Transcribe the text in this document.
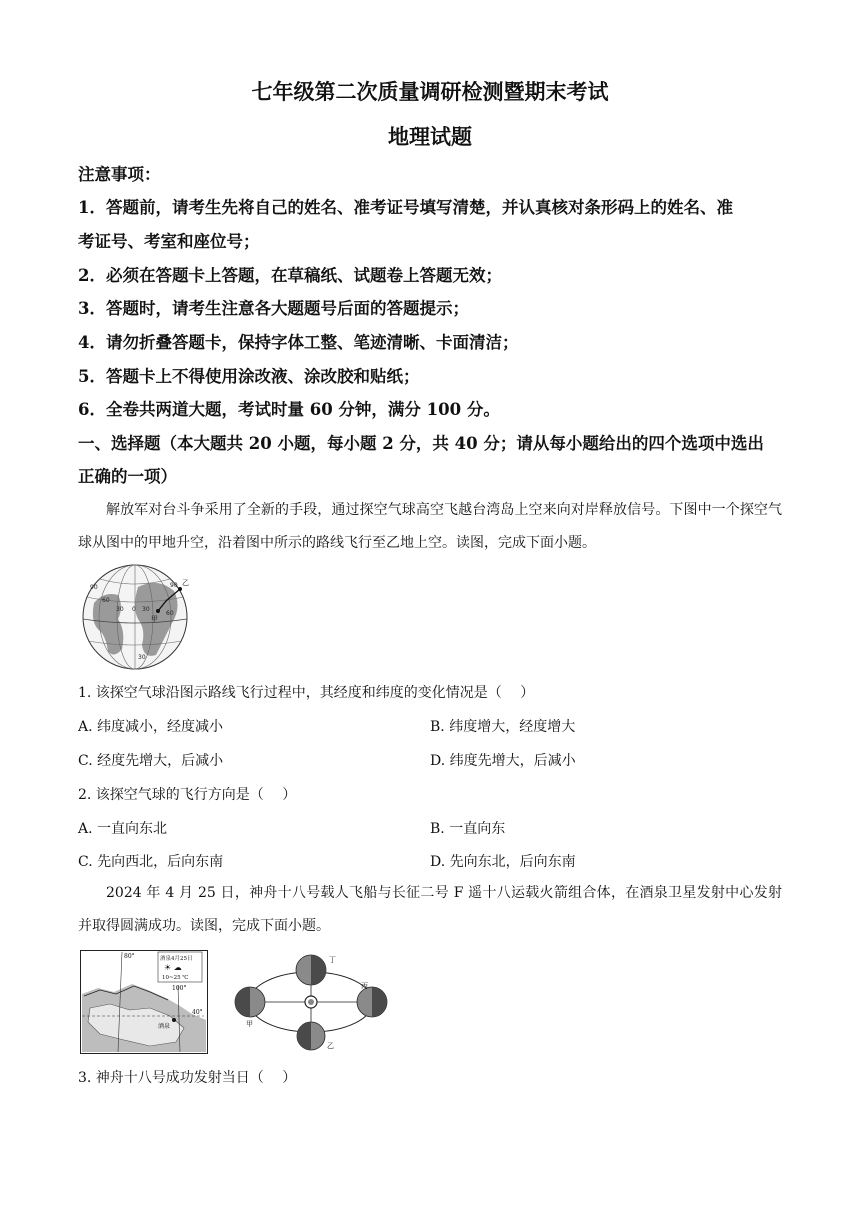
七年级第二次质量调研检测暨期末考试
地理试题
注意事项：
1．答题前，请考生先将自己的姓名、准考证号填写清楚，并认真核对条形码上的姓名、准
考证号、考室和座位号；
2．必须在答题卡上答题，在草稿纸、试题卷上答题无效；
3．答题时，请考生注意各大题题号后面的答题提示；
4．请勿折叠答题卡，保持字体工整、笔迹清晰、卡面清洁；
5．答题卡上不得使用涂改液、涂改胶和贴纸；
6．全卷共两道大题，考试时量 60 分钟，满分 100 分。
一、选择题（本大题共 20 小题，每小题 2 分，共 40 分；请从每小题给出的四个选项中选出
正确的一项）
解放军对台斗争采用了全新的手段，通过探空气球高空飞越台湾岛上空来向对岸释放信号。下图中一个探空气球从图中的甲地升空，沿着图中所示的路线飞行至乙地上空。读图，完成下面小题。
90
60
30 0 30
60
90
30
甲
乙
1. 该探空气球沿图示路线飞行过程中，其经度和纬度的变化情况是（　 ）
A. 纬度减小，经度减小	B. 纬度增大，经度增大
C. 经度先增大，后减小	D. 纬度先增大，后减小
2. 该探空气球的飞行方向是（　 ）
A. 一直向东北	B. 一直向东
C. 先向西北，后向东南	D. 先向东北，后向东南
2024 年 4 月 25 日，神舟十八号载人飞船与长征二号 F 遥十八运载火箭组合体，在酒泉卫星发射中心发射并取得圆满成功。读图，完成下面小题。
酒泉4月25日
☀ ☁
10~25 ℃
80°
100°
40°
酒泉
丁
甲
丙
乙
3. 神舟十八号成功发射当日（　 ）
